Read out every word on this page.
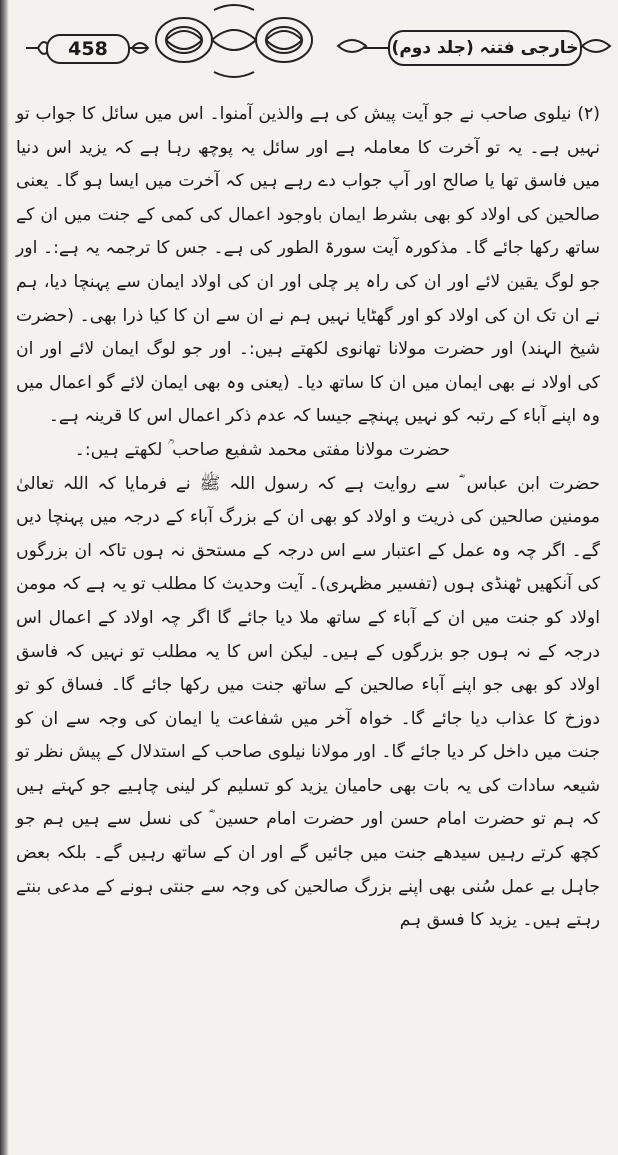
458	خارجی فتنہ (جلد دوم)

(۲) نیلوی صاحب نے جو آیت پیش کی ہے والذین آمنوا۔ اس میں سائل کا جواب تو نہیں ہے۔ یہ تو آخرت کا معاملہ ہے اور سائل یہ پوچھ رہا ہے کہ یزید اس دنیا میں فاسق تھا یا صالح اور آپ جواب دے رہے ہیں کہ آخرت میں ایسا ہو گا۔ یعنی صالحین کی اولاد کو بھی بشرط ایمان باوجود اعمال کی کمی کے جنت میں ان کے ساتھ رکھا جائے گا۔ مذکورہ آیت سورۃ الطور کی ہے۔ جس کا ترجمہ یہ ہے:۔ اور جو لوگ یقین لائے اور ان کی راہ پر چلی اور ان کی اولاد ایمان سے پہنچا دیا، ہم نے ان تک ان کی اولاد کو اور گھٹایا نہیں ہم نے ان سے ان کا کیا ذرا بھی۔ (حضرت شیخ الہند) اور حضرت مولانا تھانوی لکھتے ہیں:۔ اور جو لوگ ایمان لائے اور ان کی اولاد نے بھی ایمان میں ان کا ساتھ دیا۔ (یعنی وہ بھی ایمان لائے گو اعمال میں وہ اپنے آباء کے رتبہ کو نہیں پہنچے جیسا کہ عدم ذکر اعمال اس کا قرینہ ہے۔

حضرت مولانا مفتی محمد شفیع صاحب ؒ لکھتے ہیں:۔

حضرت ابن عباس ؓ سے روایت ہے کہ رسول اللہ ﷺ نے فرمایا کہ اللہ تعالیٰ مومنین صالحین کی ذریت و اولاد کو بھی ان کے بزرگ آباء کے درجہ میں پہنچا دیں گے۔ اگر چہ وہ عمل کے اعتبار سے اس درجہ کے مستحق نہ ہوں تاکہ ان بزرگوں کی آنکھیں ٹھنڈی ہوں (تفسیر مظہری)۔ آیت وحدیث کا مطلب تو یہ ہے کہ مومن اولاد کو جنت میں ان کے آباء کے ساتھ ملا دیا جائے گا اگر چہ اولاد کے اعمال اس درجہ کے نہ ہوں جو بزرگوں کے ہیں۔ لیکن اس کا یہ مطلب تو نہیں کہ فاسق اولاد کو بھی جو اپنے آباء صالحین کے ساتھ جنت میں رکھا جائے گا۔ فساق کو تو دوزخ کا عذاب دیا جائے گا۔ خواہ آخر میں شفاعت یا ایمان کی وجہ سے ان کو جنت میں داخل کر دیا جائے گا۔ اور مولانا نیلوی صاحب کے استدلال کے پیش نظر تو شیعہ سادات کی یہ بات بھی حامیان یزید کو تسلیم کر لینی چاہیے جو کہتے ہیں کہ ہم تو حضرت امام حسن اور حضرت امام حسین ؓ کی نسل سے ہیں ہم جو کچھ کرتے رہیں سیدھے جنت میں جائیں گے اور ان کے ساتھ رہیں گے۔ بلکہ بعض جاہل بے عمل سُنی بھی اپنے بزرگ صالحین کی وجہ سے جنتی ہونے کے مدعی بنتے رہتے ہیں۔ یزید کا فسق ہم
